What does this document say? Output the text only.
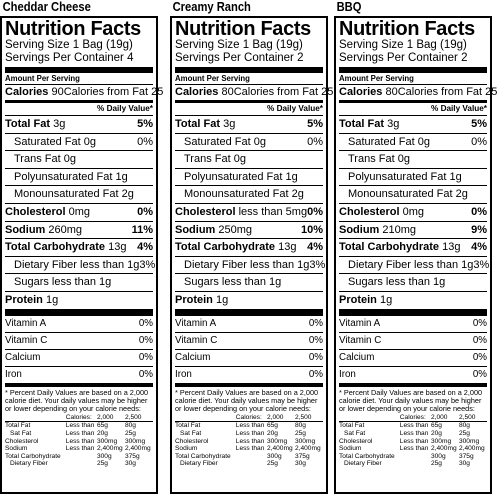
Cheddar Cheese
Nutrition Facts
Serving Size 1 Bag (19g)
Servings Per Container 4
Amount Per Serving
Calories 90 Calories from Fat 25
% Daily Value*
Total Fat 3g	5%
Saturated Fat 0g	0%
Trans Fat 0g
Polyunsaturated Fat 1g
Monounsaturated Fat 2g
Cholesterol 0mg	0%
Sodium 260mg	11%
Total Carbohydrate 13g 4%
Dietary Fiber less than 1g 3%
Sugars less than 1g
Protein 1g
Vitamin A	0%
Vitamin C	0%
Calcium	0%
Iron	0%
* Percent Daily Values are based on a 2,000 calorie diet. Your daily values may be higher or lower depending on your calorie needs:
	Calories:	2,000	2,500
Total Fat	Less than	65g	80g
Sat Fat	Less than	20g	25g
Cholesterol	Less than	300mg	300mg
Sodium	Less than	2,400mg	2,400mg
Total Carbohydrate		300g	375g
Dietary Fiber		25g	30g
Creamy Ranch
Nutrition Facts
Serving Size 1 Bag (19g)
Servings Per Container 2
Amount Per Serving
Calories 80 Calories from Fat 25
% Daily Value*
Total Fat 3g	5%
Saturated Fat 0g	0%
Trans Fat 0g
Polyunsaturated Fat 1g
Monounsaturated Fat 2g
Cholesterol less than 5mg 0%
Sodium 250mg	10%
Total Carbohydrate 13g 4%
Dietary Fiber less than 1g 3%
Sugars less than 1g
Protein 1g
Vitamin A	0%
Vitamin C	0%
Calcium	0%
Iron	0%
* Percent Daily Values are based on a 2,000 calorie diet. Your daily values may be higher or lower depending on your calorie needs:
	Calories:	2,000	2,500
Total Fat	Less than	65g	80g
Sat Fat	Less than	20g	25g
Cholesterol	Less than	300mg	300mg
Sodium	Less than	2,400mg	2,400mg
Total Carbohydrate		300g	375g
Dietary Fiber		25g	30g
BBQ
Nutrition Facts
Serving Size 1 Bag (19g)
Servings Per Container 2
Amount Per Serving
Calories 80 Calories from Fat 25
% Daily Value*
Total Fat 3g	5%
Saturated Fat 0g	0%
Trans Fat 0g
Polyunsaturated Fat 1g
Monounsaturated Fat 2g
Cholesterol 0mg	0%
Sodium 210mg	9%
Total Carbohydrate 13g 4%
Dietary Fiber less than 1g 3%
Sugars less than 1g
Protein 1g
Vitamin A	0%
Vitamin C	0%
Calcium	0%
Iron	0%
* Percent Daily Values are based on a 2,000 calorie diet. Your daily values may be higher or lower depending on your calorie needs:
	Calories:	2,000	2,500
Total Fat	Less than	65g	80g
Sat Fat	Less than	20g	25g
Cholesterol	Less than	300mg	300mg
Sodium	Less than	2,400mg	2,400mg
Total Carbohydrate		300g	375g
Dietary Fiber		25g	30g
